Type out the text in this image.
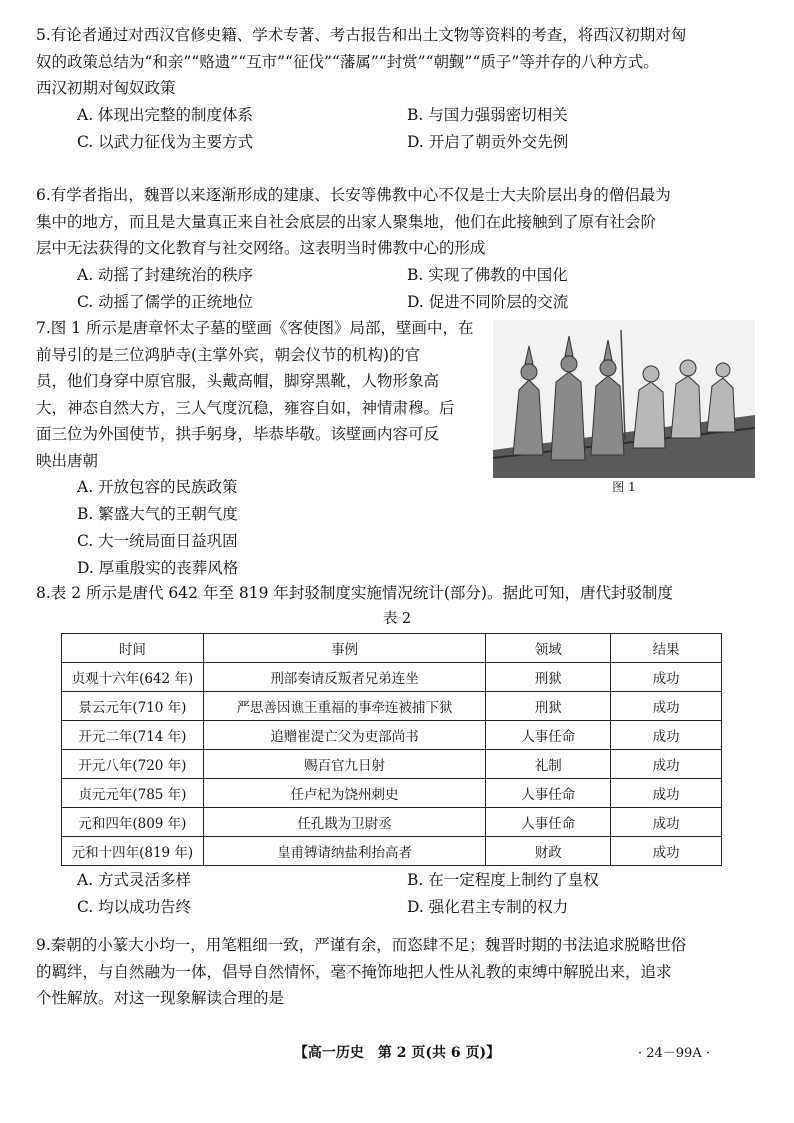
5.有论者通过对西汉官修史籍、学术专著、考古报告和出土文物等资料的考查，将西汉初期对匈

奴的政策总结为“和亲”“赂遗”“互市”“征伐”“藩属”“封赏”“朝觐”“质子”等并存的八种方式。

西汉初期对匈奴政策

A. 体现出完整的制度体系	B. 与国力强弱密切相关
C. 以武力征伐为主要方式	D. 开启了朝贡外交先例

6.有学者指出，魏晋以来逐渐形成的建康、长安等佛教中心不仅是士大夫阶层出身的僧侣最为

集中的地方，而且是大量真正来自社会底层的出家人聚集地，他们在此接触到了原有社会阶

层中无法获得的文化教育与社交网络。这表明当时佛教中心的形成

A. 动摇了封建统治的秩序	B. 实现了佛教的中国化
C. 动摇了儒学的正统地位	D. 促进不同阶层的交流

7.图 1 所示是唐章怀太子墓的壁画《客使图》局部，壁画中，在

前导引的是三位鸿胪寺(主掌外宾，朝会仪节的机构)的官

员，他们身穿中原官服，头戴高帽，脚穿黑靴，人物形象高

大，神态自然大方，三人气度沉稳，雍容自如，神情肃穆。后

面三位为外国使节，拱手躬身，毕恭毕敬。该壁画内容可反

映出唐朝

A. 开放包容的民族政策
B. 繁盛大气的王朝气度
C. 大一统局面日益巩固
D. 厚重殷实的丧葬风格
图 1

8.表 2 所示是唐代 642 年至 819 年封驳制度实施情况统计(部分)。据此可知，唐代封驳制度

表 2
时间	事例	领域	结果
贞观十六年(642 年)	刑部奏请反叛者兄弟连坐	刑狱	成功
景云元年(710 年)	严思善因谯王重福的事牵连被捕下狱	刑狱	成功
开元二年(714 年)	追赠崔湜亡父为吏部尚书	人事任命	成功
开元八年(720 年)	赐百官九日射	礼制	成功
贞元元年(785 年)	任卢杞为饶州刺史	人事任命	成功
元和四年(809 年)	任孔戡为卫尉丞	人事任命	成功
元和十四年(819 年)	皇甫镈请纳盐利抬高者	财政	成功
A. 方式灵活多样	B. 在一定程度上制约了皇权
C. 均以成功告终	D. 强化君主专制的权力

9.秦朝的小篆大小均一，用笔粗细一致，严谨有余，而恣肆不足；魏晋时期的书法追求脱略世俗

的羁绊，与自然融为一体，倡导自然情怀，毫不掩饰地把人性从礼教的束缚中解脱出来，追求

个性解放。对这一现象解读合理的是

【高一历史　第 2 页(共 6 页)】	· 24－99A ·
